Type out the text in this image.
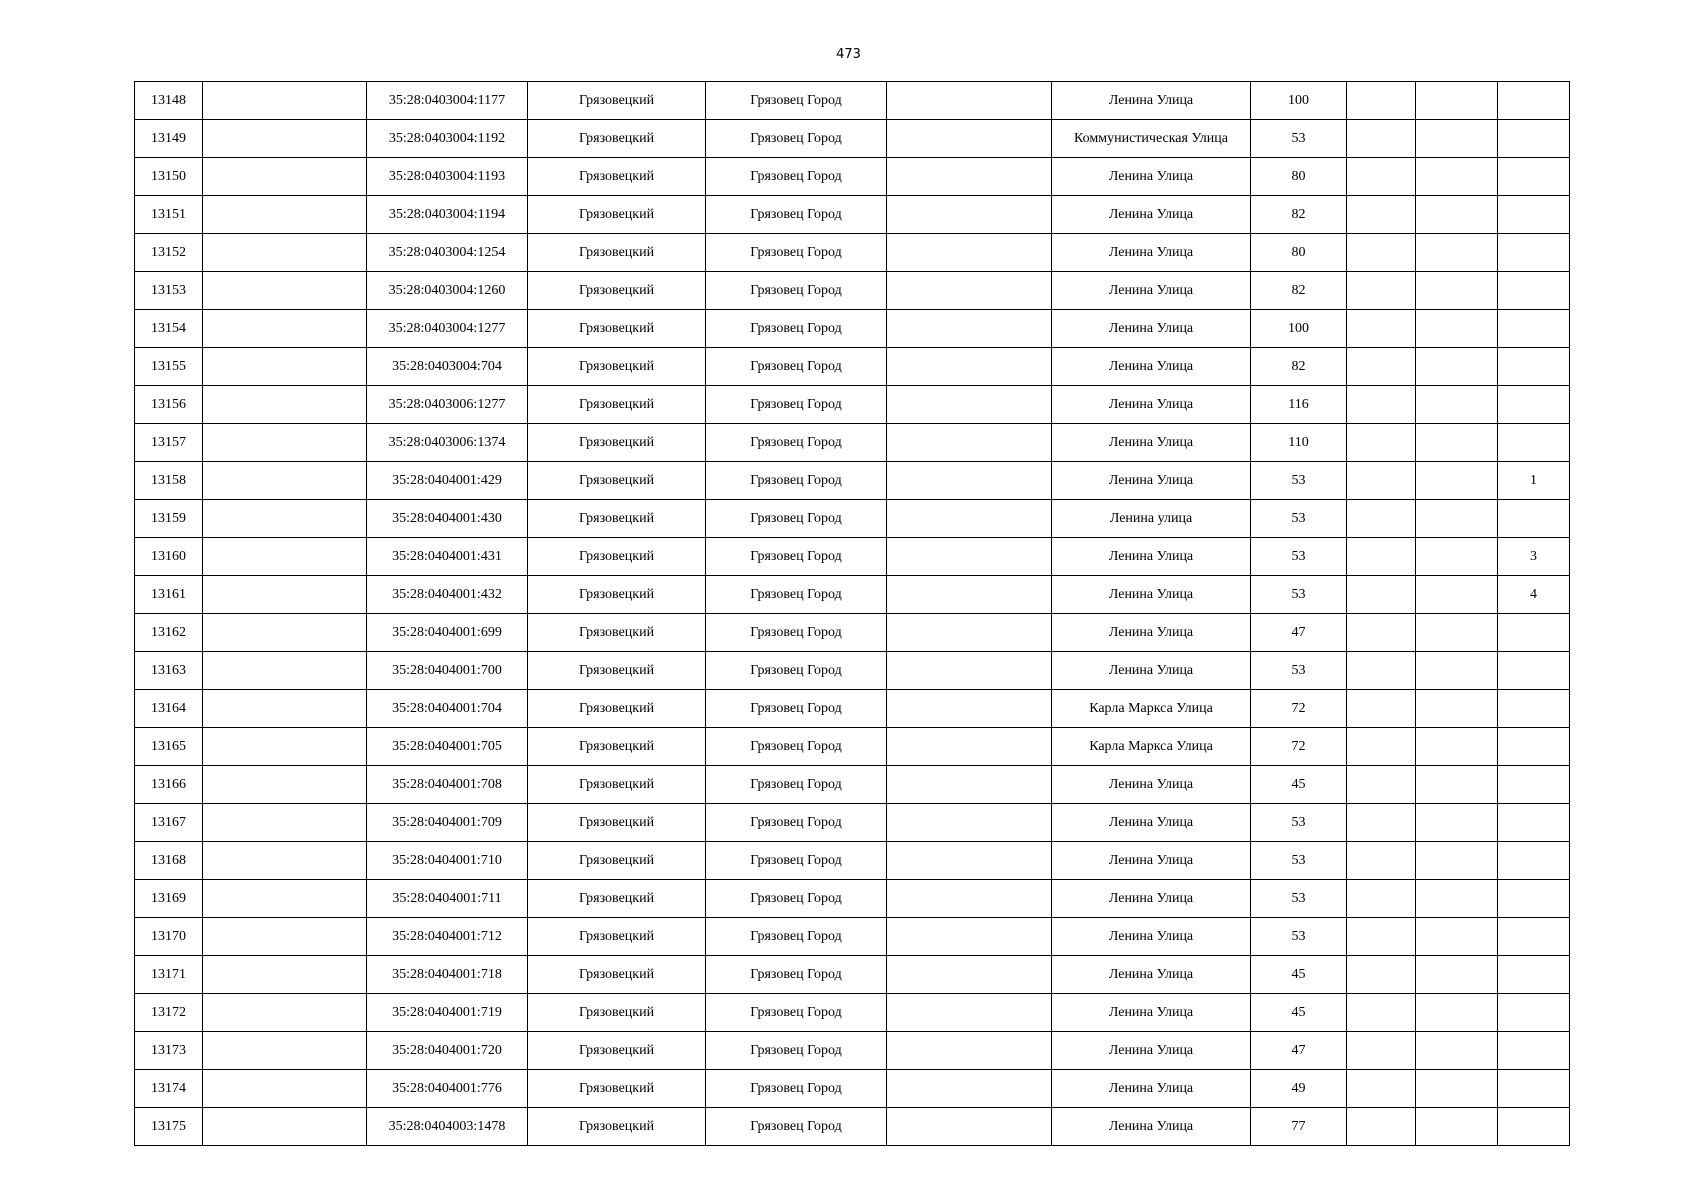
473
13148		35:28:0403004:1177	Грязовецкий	Грязовец Город		Ленина Улица	100			
13149		35:28:0403004:1192	Грязовецкий	Грязовец Город		Коммунистическая Улица	53			
13150		35:28:0403004:1193	Грязовецкий	Грязовец Город		Ленина Улица	80			
13151		35:28:0403004:1194	Грязовецкий	Грязовец Город		Ленина Улица	82			
13152		35:28:0403004:1254	Грязовецкий	Грязовец Город		Ленина Улица	80			
13153		35:28:0403004:1260	Грязовецкий	Грязовец Город		Ленина Улица	82			
13154		35:28:0403004:1277	Грязовецкий	Грязовец Город		Ленина Улица	100			
13155		35:28:0403004:704	Грязовецкий	Грязовец Город		Ленина Улица	82			
13156		35:28:0403006:1277	Грязовецкий	Грязовец Город		Ленина Улица	116			
13157		35:28:0403006:1374	Грязовецкий	Грязовец Город		Ленина Улица	110			
13158		35:28:0404001:429	Грязовецкий	Грязовец Город		Ленина Улица	53			1
13159		35:28:0404001:430	Грязовецкий	Грязовец Город		Ленина улица	53			
13160		35:28:0404001:431	Грязовецкий	Грязовец Город		Ленина Улица	53			3
13161		35:28:0404001:432	Грязовецкий	Грязовец Город		Ленина Улица	53			4
13162		35:28:0404001:699	Грязовецкий	Грязовец Город		Ленина Улица	47			
13163		35:28:0404001:700	Грязовецкий	Грязовец Город		Ленина Улица	53			
13164		35:28:0404001:704	Грязовецкий	Грязовец Город		Карла Маркса Улица	72			
13165		35:28:0404001:705	Грязовецкий	Грязовец Город		Карла Маркса Улица	72			
13166		35:28:0404001:708	Грязовецкий	Грязовец Город		Ленина Улица	45			
13167		35:28:0404001:709	Грязовецкий	Грязовец Город		Ленина Улица	53			
13168		35:28:0404001:710	Грязовецкий	Грязовец Город		Ленина Улица	53			
13169		35:28:0404001:711	Грязовецкий	Грязовец Город		Ленина Улица	53			
13170		35:28:0404001:712	Грязовецкий	Грязовец Город		Ленина Улица	53			
13171		35:28:0404001:718	Грязовецкий	Грязовец Город		Ленина Улица	45			
13172		35:28:0404001:719	Грязовецкий	Грязовец Город		Ленина Улица	45			
13173		35:28:0404001:720	Грязовецкий	Грязовец Город		Ленина Улица	47			
13174		35:28:0404001:776	Грязовецкий	Грязовец Город		Ленина Улица	49			
13175		35:28:0404003:1478	Грязовецкий	Грязовец Город		Ленина Улица	77			
